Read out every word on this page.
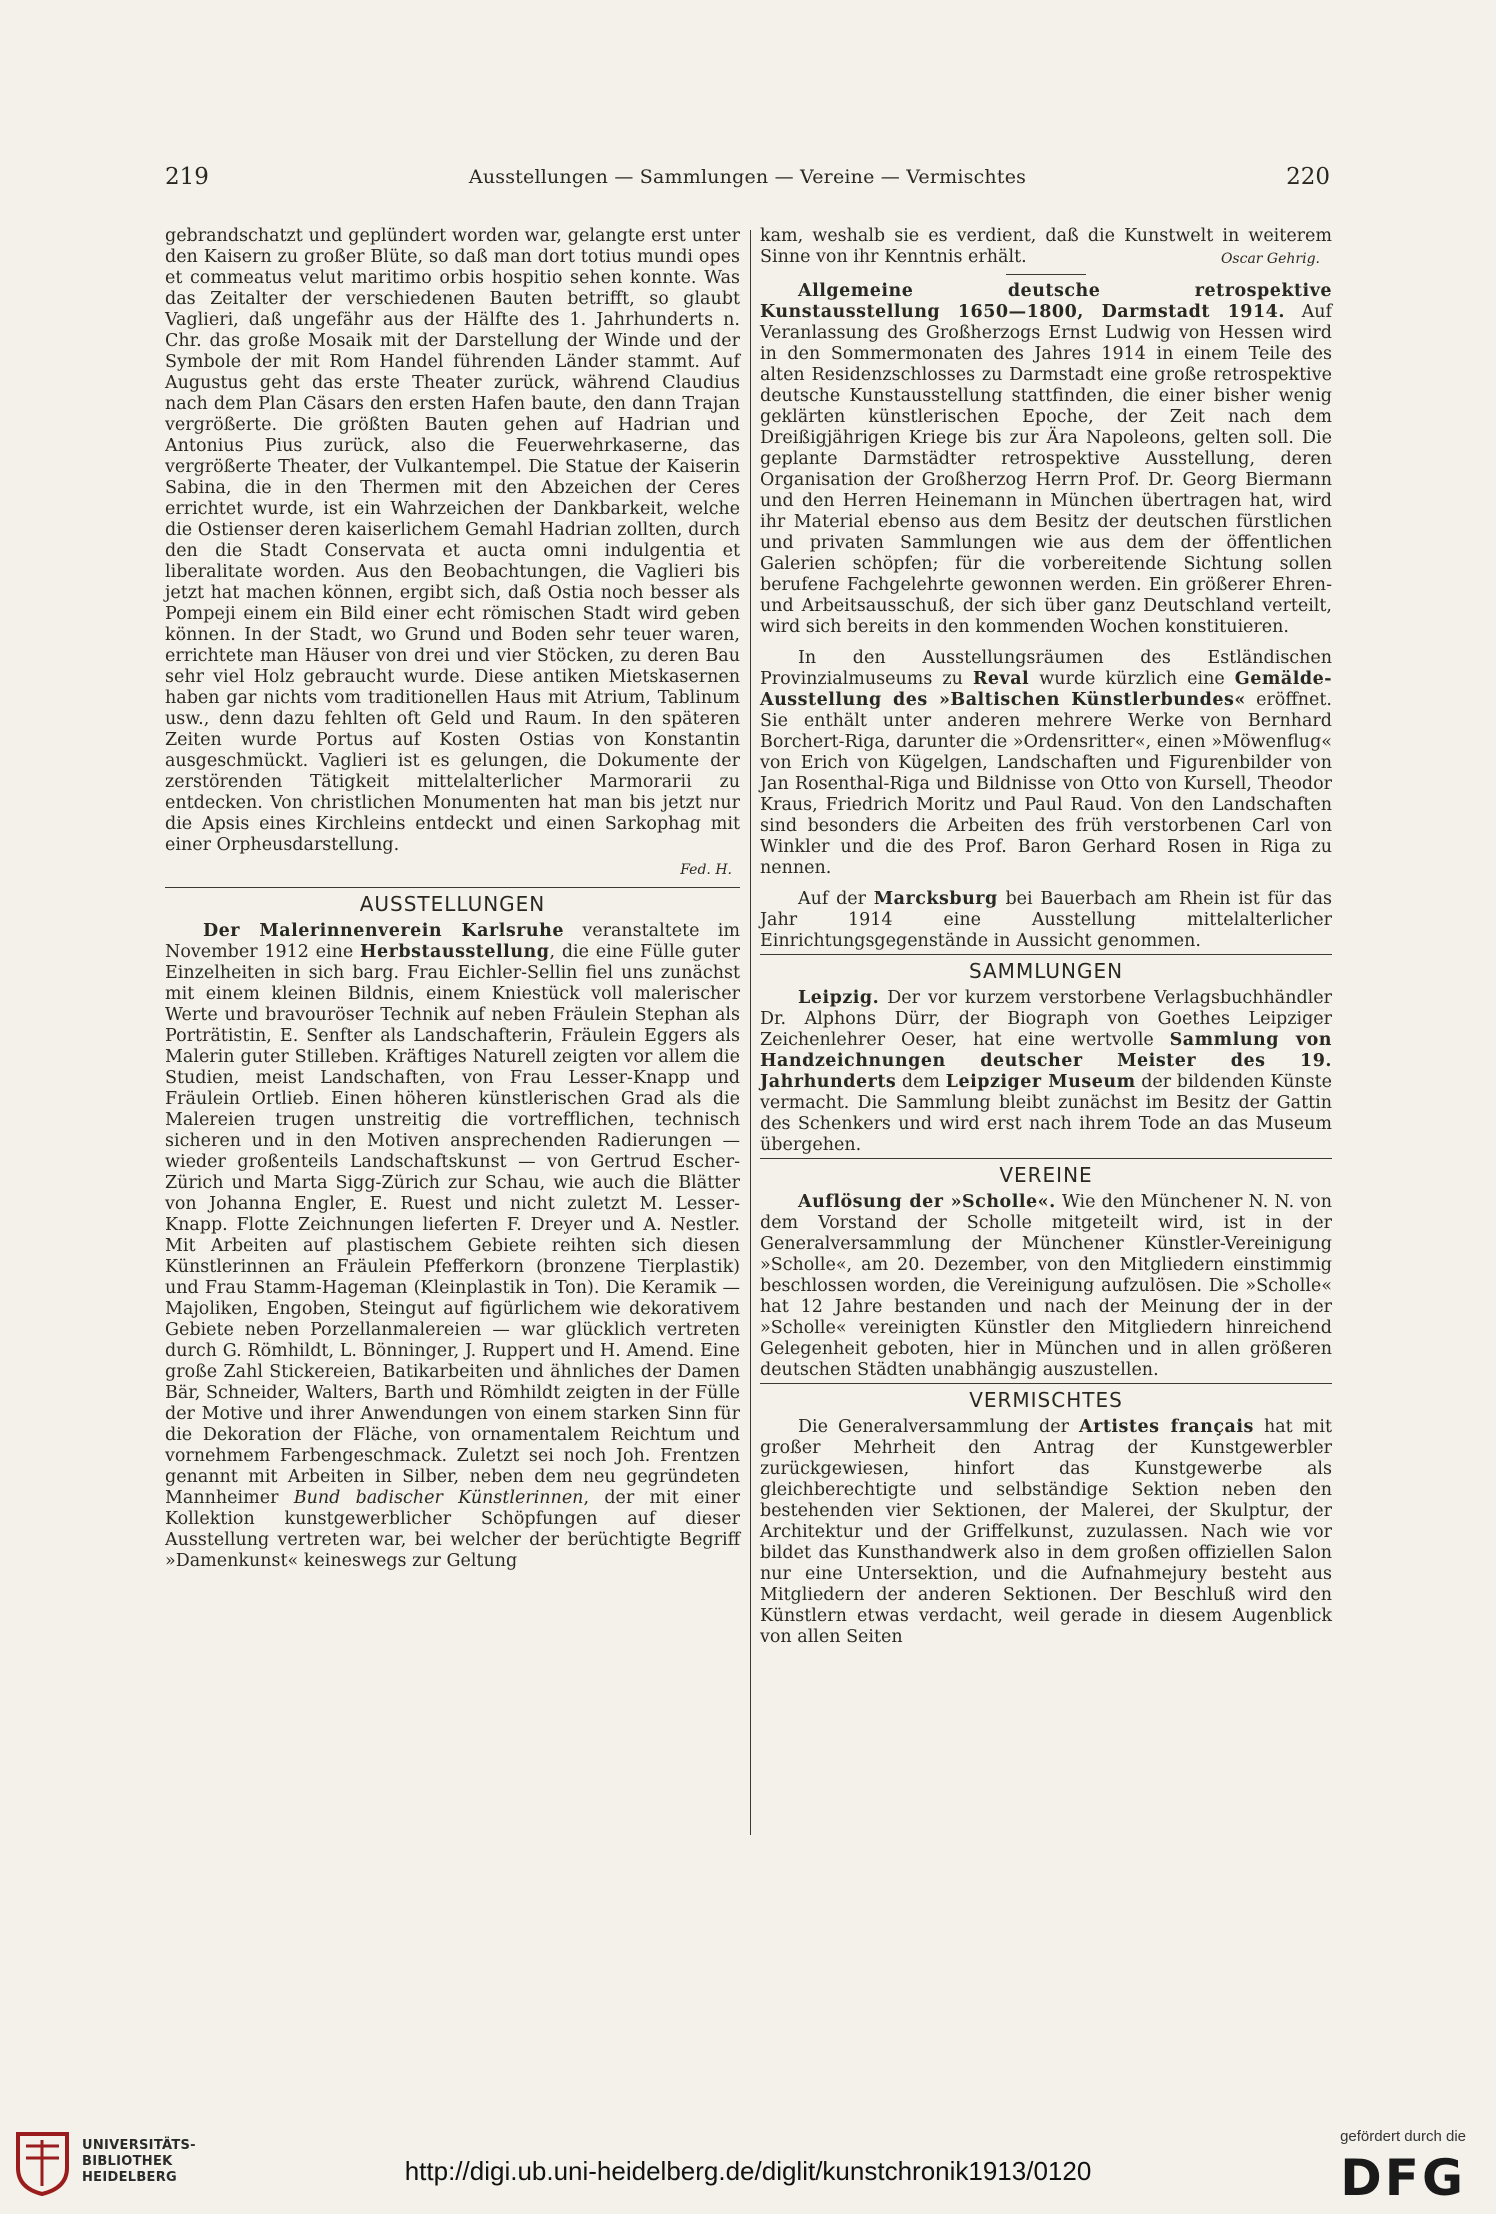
219	Ausstellungen — Sammlungen — Vereine — Vermischtes	220

gebrandschatzt und geplündert worden war, gelangte erst unter den Kaisern zu großer Blüte, so daß man dort totius mundi opes et commeatus velut maritimo orbis hospitio sehen konnte. Was das Zeitalter der verschiedenen Bauten betrifft, so glaubt Vaglieri, daß ungefähr aus der Hälfte des 1. Jahrhunderts n. Chr. das große Mosaik mit der Darstellung der Winde und der Symbole der mit Rom Handel führenden Länder stammt. Auf Augustus geht das erste Theater zurück, während Claudius nach dem Plan Cäsars den ersten Hafen baute, den dann Trajan vergrößerte. Die größten Bauten gehen auf Hadrian und Antonius Pius zurück, also die Feuerwehrkaserne, das vergrößerte Theater, der Vulkantempel. Die Statue der Kaiserin Sabina, die in den Thermen mit den Abzeichen der Ceres errichtet wurde, ist ein Wahrzeichen der Dankbarkeit, welche die Ostienser deren kaiserlichem Gemahl Hadrian zollten, durch den die Stadt Conservata et aucta omni indulgentia et liberalitate worden. Aus den Beobachtungen, die Vaglieri bis jetzt hat machen können, ergibt sich, daß Ostia noch besser als Pompeji einem ein Bild einer echt römischen Stadt wird geben können. In der Stadt, wo Grund und Boden sehr teuer waren, errichtete man Häuser von drei und vier Stöcken, zu deren Bau sehr viel Holz gebraucht wurde. Diese antiken Mietskasernen haben gar nichts vom traditionellen Haus mit Atrium, Tablinum usw., denn dazu fehlten oft Geld und Raum. In den späteren Zeiten wurde Portus auf Kosten Ostias von Konstantin ausgeschmückt. Vaglieri ist es gelungen, die Dokumente der zerstörenden Tätigkeit mittelalterlicher Marmorarii zu entdecken. Von christlichen Monumenten hat man bis jetzt nur die Apsis eines Kirchleins entdeckt und einen Sarkophag mit einer Orpheusdarstellung.

Fed. H.
AUSSTELLUNGEN

Der Malerinnenverein Karlsruhe veranstaltete im November 1912 eine Herbstausstellung, die eine Fülle guter Einzelheiten in sich barg. Frau Eichler-Sellin fiel uns zunächst mit einem kleinen Bildnis, einem Kniestück voll malerischer Werte und bravouröser Technik auf neben Fräulein Stephan als Porträtistin, E. Senfter als Landschafterin, Fräulein Eggers als Malerin guter Stilleben. Kräftiges Naturell zeigten vor allem die Studien, meist Landschaften, von Frau Lesser-Knapp und Fräulein Ortlieb. Einen höheren künstlerischen Grad als die Malereien trugen unstreitig die vortrefflichen, technisch sicheren und in den Motiven ansprechenden Radierungen — wieder großenteils Landschaftskunst — von Gertrud Escher-Zürich und Marta Sigg-Zürich zur Schau, wie auch die Blätter von Johanna Engler, E. Ruest und nicht zuletzt M. Lesser-Knapp. Flotte Zeichnungen lieferten F. Dreyer und A. Nestler. Mit Arbeiten auf plastischem Gebiete reihten sich diesen Künstlerinnen an Fräulein Pfefferkorn (bronzene Tierplastik) und Frau Stamm-Hageman (Kleinplastik in Ton). Die Keramik — Majoliken, Engoben, Steingut auf figürlichem wie dekorativem Gebiete neben Porzellanmalereien — war glücklich vertreten durch G. Römhildt, L. Bönninger, J. Ruppert und H. Amend. Eine große Zahl Stickereien, Batikarbeiten und ähnliches der Damen Bär, Schneider, Walters, Barth und Römhildt zeigten in der Fülle der Motive und ihrer Anwendungen von einem starken Sinn für die Dekoration der Fläche, von ornamentalem Reichtum und vornehmem Farbengeschmack. Zuletzt sei noch Joh. Frentzen genannt mit Arbeiten in Silber, neben dem neu gegründeten Mannheimer Bund badischer Künstlerinnen, der mit einer Kollektion kunstgewerblicher Schöpfungen auf dieser Ausstellung vertreten war, bei welcher der berüchtigte Begriff »Damenkunst« keineswegs zur Geltung

kam, weshalb sie es verdient, daß die Kunstwelt in weiterem Sinne von ihr Kenntnis erhält.	Oscar Gehrig.

Allgemeine deutsche retrospektive Kunstausstellung 1650—1800, Darmstadt 1914. Auf Veranlassung des Großherzogs Ernst Ludwig von Hessen wird in den Sommermonaten des Jahres 1914 in einem Teile des alten Residenzschlosses zu Darmstadt eine große retrospektive deutsche Kunstausstellung stattfinden, die einer bisher wenig geklärten künstlerischen Epoche, der Zeit nach dem Dreißigjährigen Kriege bis zur Ära Napoleons, gelten soll. Die geplante Darmstädter retrospektive Ausstellung, deren Organisation der Großherzog Herrn Prof. Dr. Georg Biermann und den Herren Heinemann in München übertragen hat, wird ihr Material ebenso aus dem Besitz der deutschen fürstlichen und privaten Sammlungen wie aus dem der öffentlichen Galerien schöpfen; für die vorbereitende Sichtung sollen berufene Fachgelehrte gewonnen werden. Ein größerer Ehren- und Arbeitsausschuß, der sich über ganz Deutschland verteilt, wird sich bereits in den kommenden Wochen konstituieren.

In den Ausstellungsräumen des Estländischen Provinzialmuseums zu Reval wurde kürzlich eine Gemälde-Ausstellung des »Baltischen Künstlerbundes« eröffnet. Sie enthält unter anderen mehrere Werke von Bernhard Borchert-Riga, darunter die »Ordensritter«, einen »Möwenflug« von Erich von Kügelgen, Landschaften und Figurenbilder von Jan Rosenthal-Riga und Bildnisse von Otto von Kursell, Theodor Kraus, Friedrich Moritz und Paul Raud. Von den Landschaften sind besonders die Arbeiten des früh verstorbenen Carl von Winkler und die des Prof. Baron Gerhard Rosen in Riga zu nennen.

Auf der Marcksburg bei Bauerbach am Rhein ist für das Jahr 1914 eine Ausstellung mittelalterlicher Einrichtungsgegenstände in Aussicht genommen.

SAMMLUNGEN

Leipzig. Der vor kurzem verstorbene Verlagsbuchhändler Dr. Alphons Dürr, der Biograph von Goethes Leipziger Zeichenlehrer Oeser, hat eine wertvolle Sammlung von Handzeichnungen deutscher Meister des 19. Jahrhunderts dem Leipziger Museum der bildenden Künste vermacht. Die Sammlung bleibt zunächst im Besitz der Gattin des Schenkers und wird erst nach ihrem Tode an das Museum übergehen.

VEREINE

Auflösung der »Scholle«. Wie den Münchener N. N. von dem Vorstand der Scholle mitgeteilt wird, ist in der Generalversammlung der Münchener Künstler-Vereinigung »Scholle«, am 20. Dezember, von den Mitgliedern einstimmig beschlossen worden, die Vereinigung aufzulösen. Die »Scholle« hat 12 Jahre bestanden und nach der Meinung der in der »Scholle« vereinigten Künstler den Mitgliedern hinreichend Gelegenheit geboten, hier in München und in allen größeren deutschen Städten unabhängig auszustellen.

VERMISCHTES

Die Generalversammlung der Artistes français hat mit großer Mehrheit den Antrag der Kunstgewerbler zurückgewiesen, hinfort das Kunstgewerbe als gleichberechtigte und selbständige Sektion neben den bestehenden vier Sektionen, der Malerei, der Skulptur, der Architektur und der Griffelkunst, zuzulassen. Nach wie vor bildet das Kunsthandwerk also in dem großen offiziellen Salon nur eine Untersektion, und die Aufnahmejury besteht aus Mitgliedern der anderen Sektionen. Der Beschluß wird den Künstlern etwas verdacht, weil gerade in diesem Augenblick von allen Seiten

UNIVERSITÄTS-
BIBLIOTHEK
HEIDELBERG	http://digi.ub.uni-heidelberg.de/diglit/kunstchronik1913/0120
gefördert durch die
DFG
